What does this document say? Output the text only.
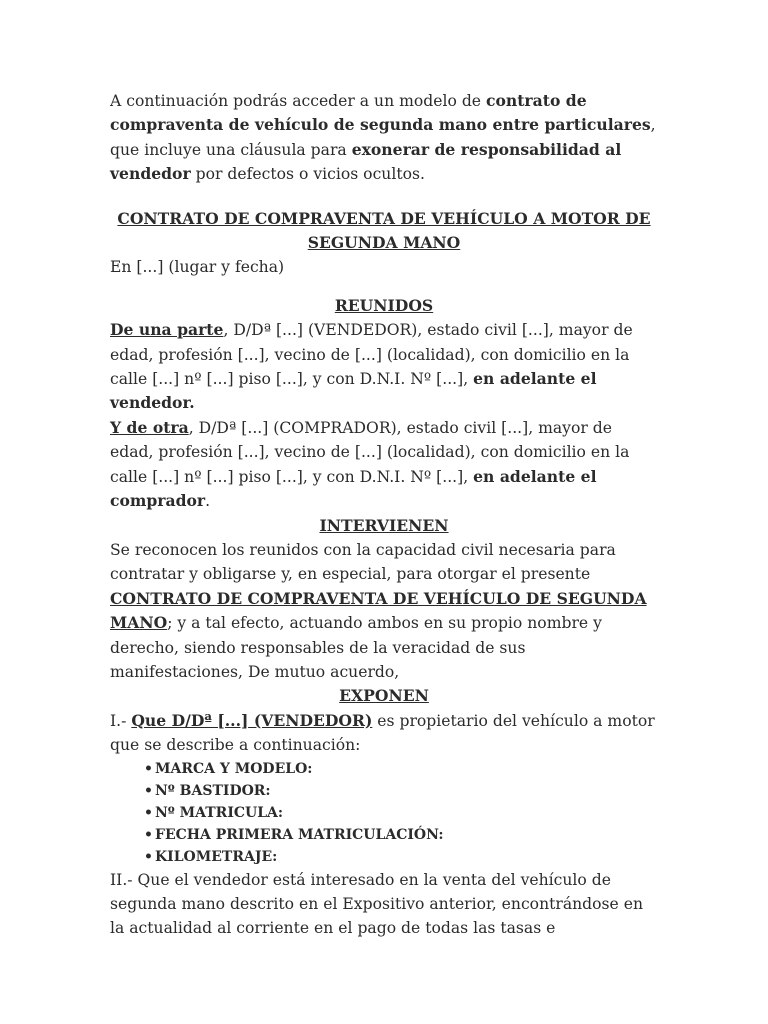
A continuación podrás acceder a un modelo de contrato de compraventa de vehículo de segunda mano entre particulares, que incluye una cláusula para exonerar de responsabilidad al vendedor por defectos o vicios ocultos.

CONTRATO DE COMPRAVENTA DE VEHÍCULO A MOTOR DE SEGUNDA MANO

En [...] (lugar y fecha)

REUNIDOS

De una parte, D/Dª [...] (VENDEDOR), estado civil [...], mayor de edad, profesión [...], vecino de [...] (localidad), con domicilio en la calle [...] nº [...] piso [...], y con D.N.I. Nº [...], en adelante el vendedor.

Y de otra, D/Dª [...] (COMPRADOR), estado civil [...], mayor de edad, profesión [...], vecino de [...] (localidad), con domicilio en la calle [...] nº [...] piso [...], y con D.N.I. Nº [...], en adelante el comprador.

INTERVIENEN

Se reconocen los reunidos con la capacidad civil necesaria para contratar y obligarse y, en especial, para otorgar el presente CONTRATO DE COMPRAVENTA DE VEHÍCULO DE SEGUNDA MANO; y a tal efecto, actuando ambos en su propio nombre y derecho, siendo responsables de la veracidad de sus manifestaciones, De mutuo acuerdo,

EXPONEN

I.- Que D/Dª [...] (VENDEDOR) es propietario del vehículo a motor que se describe a continuación:

• MARCA Y MODELO:
• Nº BASTIDOR:
• Nº MATRICULA:
• FECHA PRIMERA MATRICULACIÓN:
• KILOMETRAJE:

II.- Que el vendedor está interesado en la venta del vehículo de segunda mano descrito en el Expositivo anterior, encontrándose en la actualidad al corriente en el pago de todas las tasas e
